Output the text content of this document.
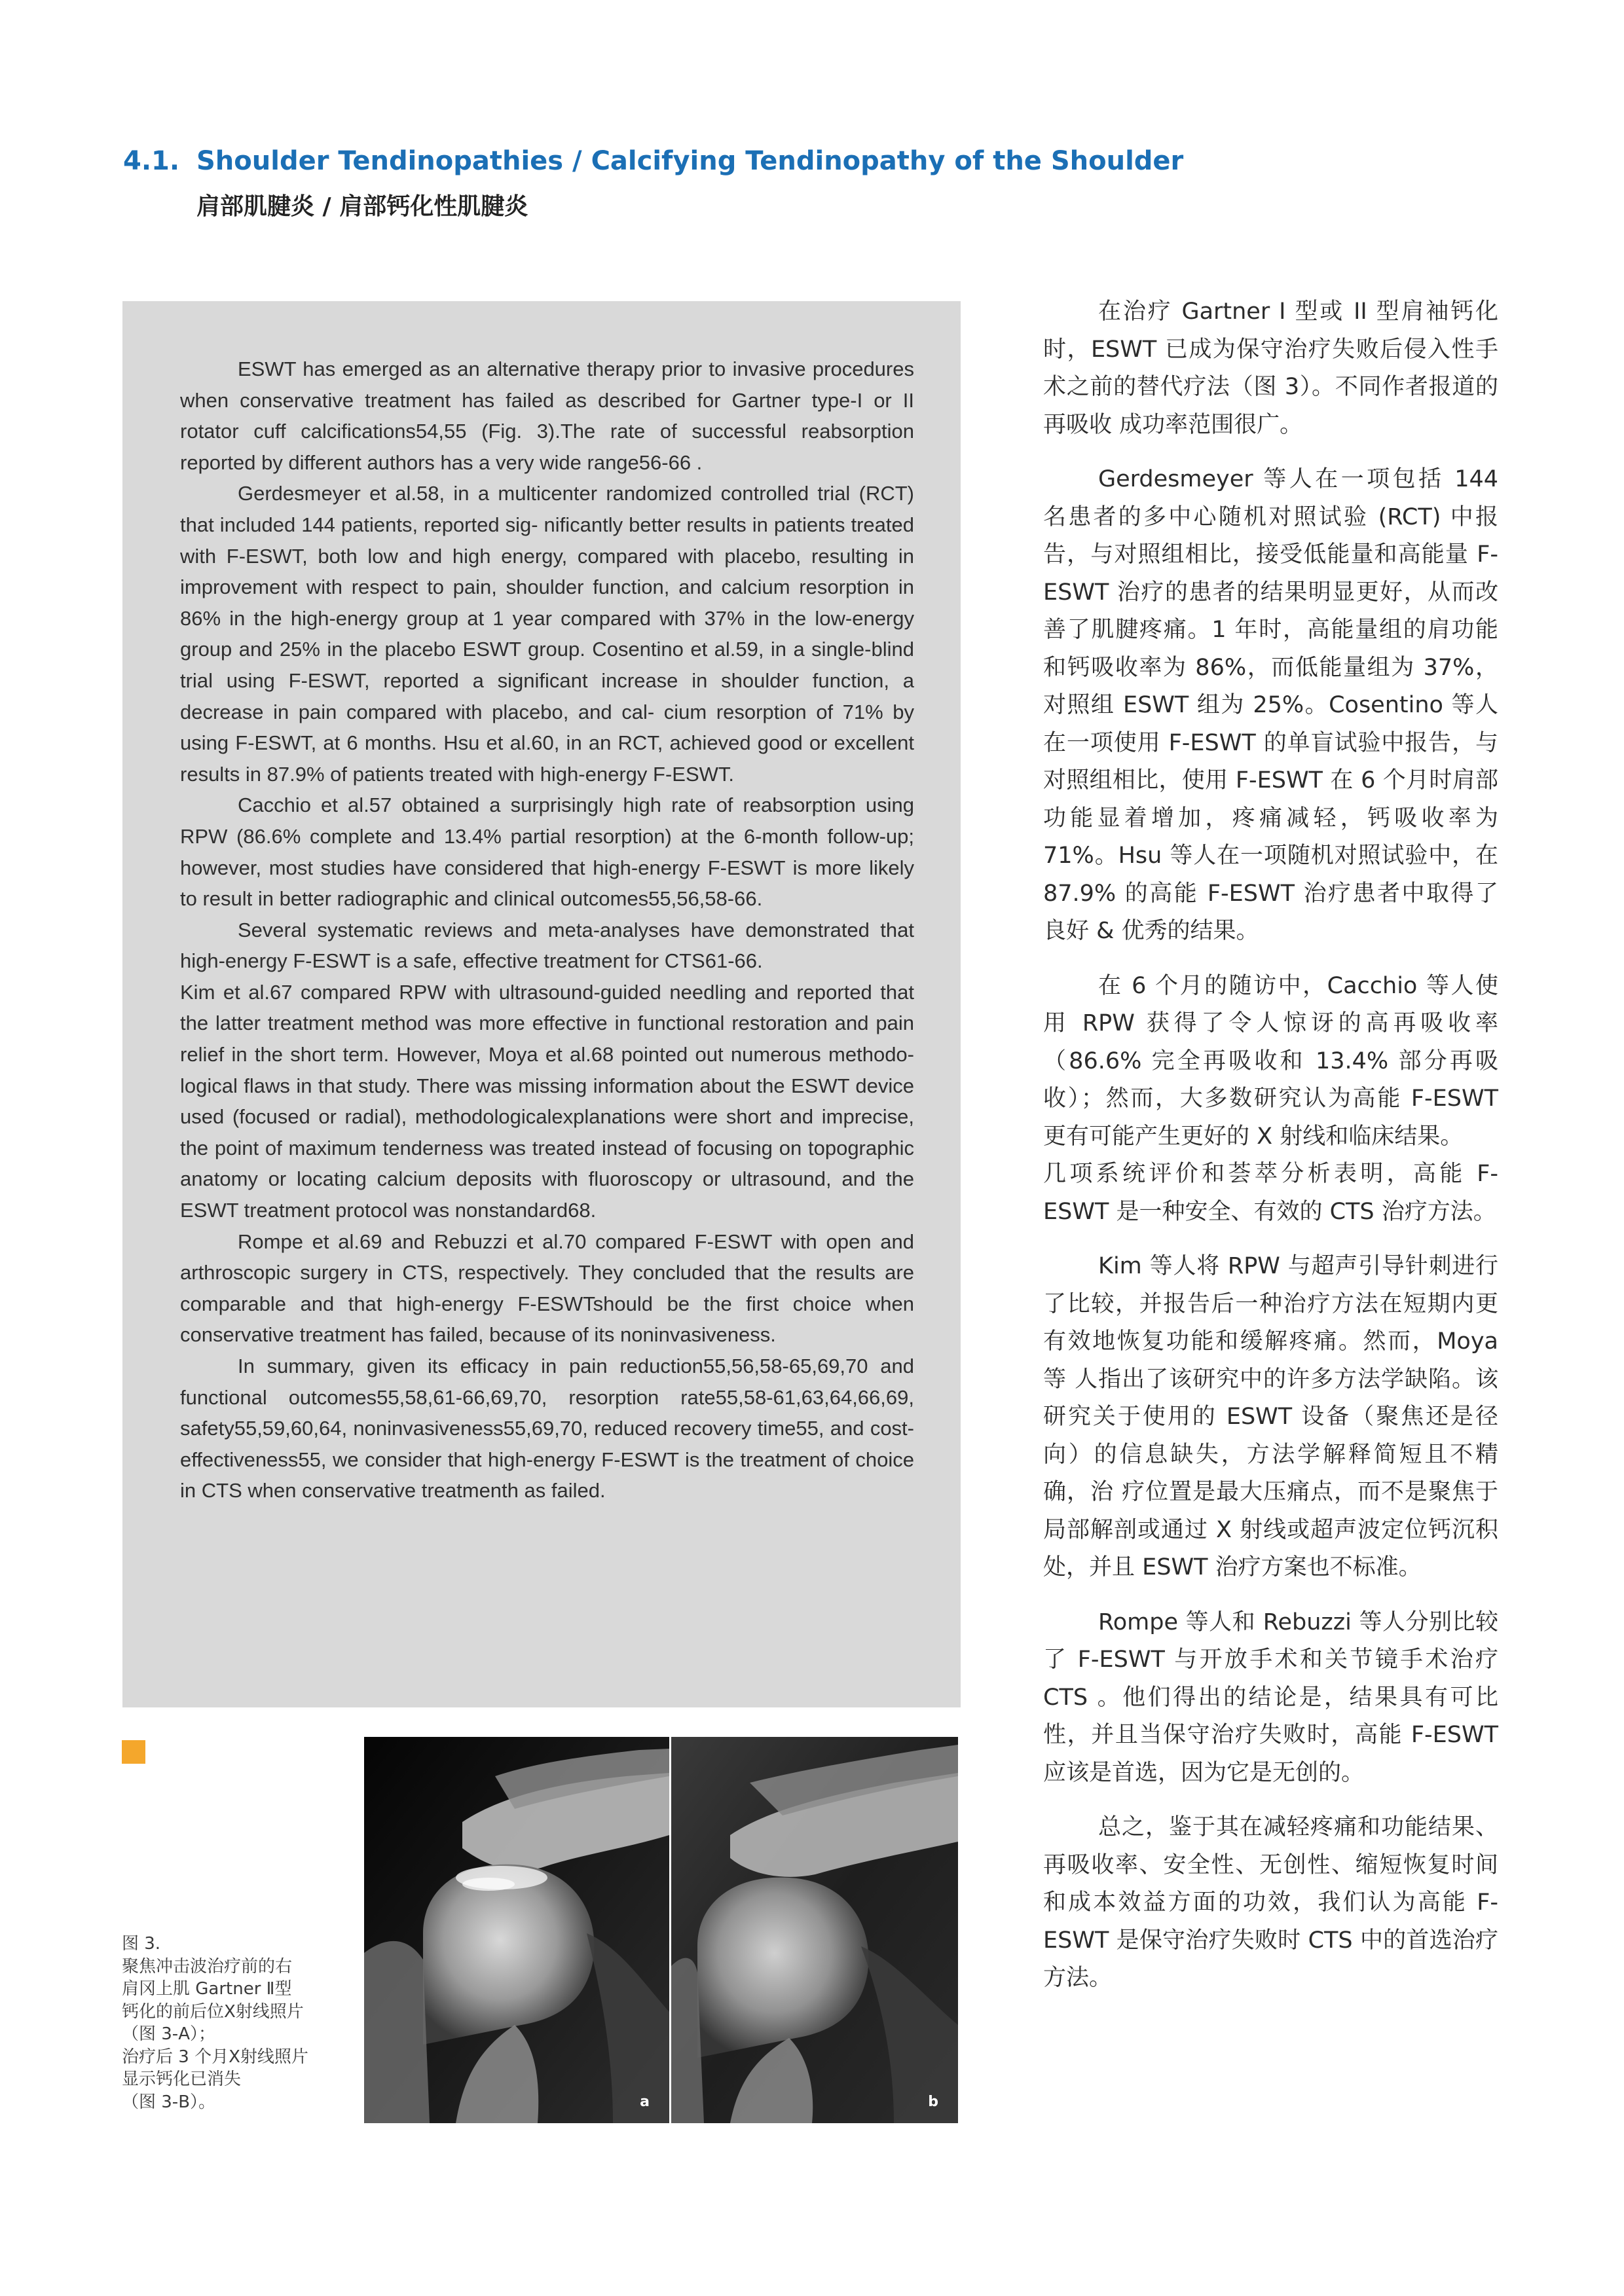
4.1. Shoulder Tendinopathies / Calcifying Tendinopathy of the Shoulder
肩部肌腱炎 / 肩部钙化性肌腱炎

ESWT has emerged as an alternative therapy prior to invasive procedures when conservative treatment has failed as described for Gartner type-I or II rotator cuff calcifications54,55 (Fig. 3).The rate of successful reabsorption reported by different authors has a very wide range56-66 .

Gerdesmeyer et al.58, in a multicenter randomized controlled trial (RCT) that included 144 patients, reported sig- nificantly better results in patients treated with F-ESWT, both low and high energy, compared with placebo, resulting in improvement with respect to pain, shoulder function, and calcium resorption in 86% in the high-energy group at 1 year compared with 37% in the low-energy group and 25% in the placebo ESWT group. Cosentino et al.59, in a single-blind trial using F-ESWT, reported a significant increase in shoulder function, a decrease in pain compared with placebo, and cal- cium resorption of 71% by using F-ESWT, at 6 months. Hsu et al.60, in an RCT, achieved good or excellent results in 87.9% of patients treated with high-energy F-ESWT.

Cacchio et al.57 obtained a surprisingly high rate of reabsorption using RPW (86.6% complete and 13.4% partial resorption) at the 6-month follow-up; however, most studies have considered that high-energy F-ESWT is more likely to result in better radiographic and clinical outcomes55,56,58-66.

Several systematic reviews and meta-analyses have demonstrated that high-energy F-ESWT is a safe, effective treatment for CTS61-66.

Kim et al.67 compared RPW with ultrasound-guided needling and reported that the latter treatment method was more effective in functional restoration and pain relief in the short term. However, Moya et al.68 pointed out numerous methodo- logical flaws in that study. There was missing information about the ESWT device used (focused or radial), methodologicalexplanations were short and imprecise, the point of maximum tenderness was treated instead of focusing on topographic anatomy or locating calcium deposits with fluoroscopy or ultrasound, and the ESWT treatment protocol was nonstandard68.

Rompe et al.69 and Rebuzzi et al.70 compared F-ESWT with open and arthroscopic surgery in CTS, respectively. They concluded that the results are comparable and that high-energy F-ESWTshould be the first choice when conservative treatment has failed, because of its noninvasiveness.

In summary, given its efficacy in pain reduction55,56,58-65,69,70 and functional outcomes55,58,61-66,69,70, resorption rate55,58-61,63,64,66,69, safety55,59,60,64, noninvasiveness55,69,70, reduced recovery time55, and cost-effectiveness55, we consider that high-energy F-ESWT is the treatment of choice in CTS when conservative treatmenth as failed.

在治疗 Gartner I 型或 II 型肩袖钙化时，ESWT 已成为保守治疗失败后侵入性手术之前的替代疗法（图 3）。不同作者报道的再吸收 成功率范围很广。

Gerdesmeyer 等人在一项包括 144 名患者的多中心随机对照试验 (RCT) 中报告，与对照组相比，接受低能量和高能量 F-ESWT 治疗的患者的结果明显更好，从而改善了肌腱疼痛。1 年时，高能量组的肩功能和钙吸收率为 86%，而低能量组为 37%，对照组 ESWT 组为 25%。Cosentino 等人在一项使用 F-ESWT 的单盲试验中报告，与对照组相比，使用 F-ESWT 在 6 个月时肩部功能显着增加，疼痛减轻，钙吸收率为 71%。Hsu 等人在一项随机对照试验中，在 87.9% 的高能 F-ESWT 治疗患者中取得了良好 & 优秀的结果。

在 6 个月的随访中，Cacchio 等人使用 RPW 获得了令人惊讶的高再吸收率（86.6% 完全再吸收和 13.4% 部分再吸收）；然而，大多数研究认为高能 F-ESWT 更有可能产生更好的 X 射线和临床结果。

几项系统评价和荟萃分析表明，高能 F-ESWT 是一种安全、有效的 CTS 治疗方法。

Kim 等人将 RPW 与超声引导针刺进行了比较，并报告后一种治疗方法在短期内更有效地恢复功能和缓解疼痛。然而，Moya 等 人指出了该研究中的许多方法学缺陷。该研究关于使用的 ESWT 设备（聚焦还是径向）的信息缺失，方法学解释简短且不精确，治 疗位置是最大压痛点，而不是聚焦于局部解剖或通过 X 射线或超声波定位钙沉积处，并且 ESWT 治疗方案也不标准。

Rompe 等人和 Rebuzzi 等人分别比较了 F-ESWT 与开放手术和关节镜手术治疗 CTS 。他们得出的结论是，结果具有可比性，并且当保守治疗失败时，高能 F-ESWT 应该是首选，因为它是无创的。

总之，鉴于其在减轻疼痛和功能结果、再吸收率、安全性、无创性、缩短恢复时间和成本效益方面的功效，我们认为高能 F- ESWT 是保守治疗失败时 CTS 中的首选治疗方法。

图 3.
聚焦冲击波治疗前的右
肩冈上肌 Gartner Ⅱ型
钙化的前后位X射线照片
（图 3-A）；
治疗后 3 个月X射线照片
显示钙化已消失
（图 3-B）。	a	b
